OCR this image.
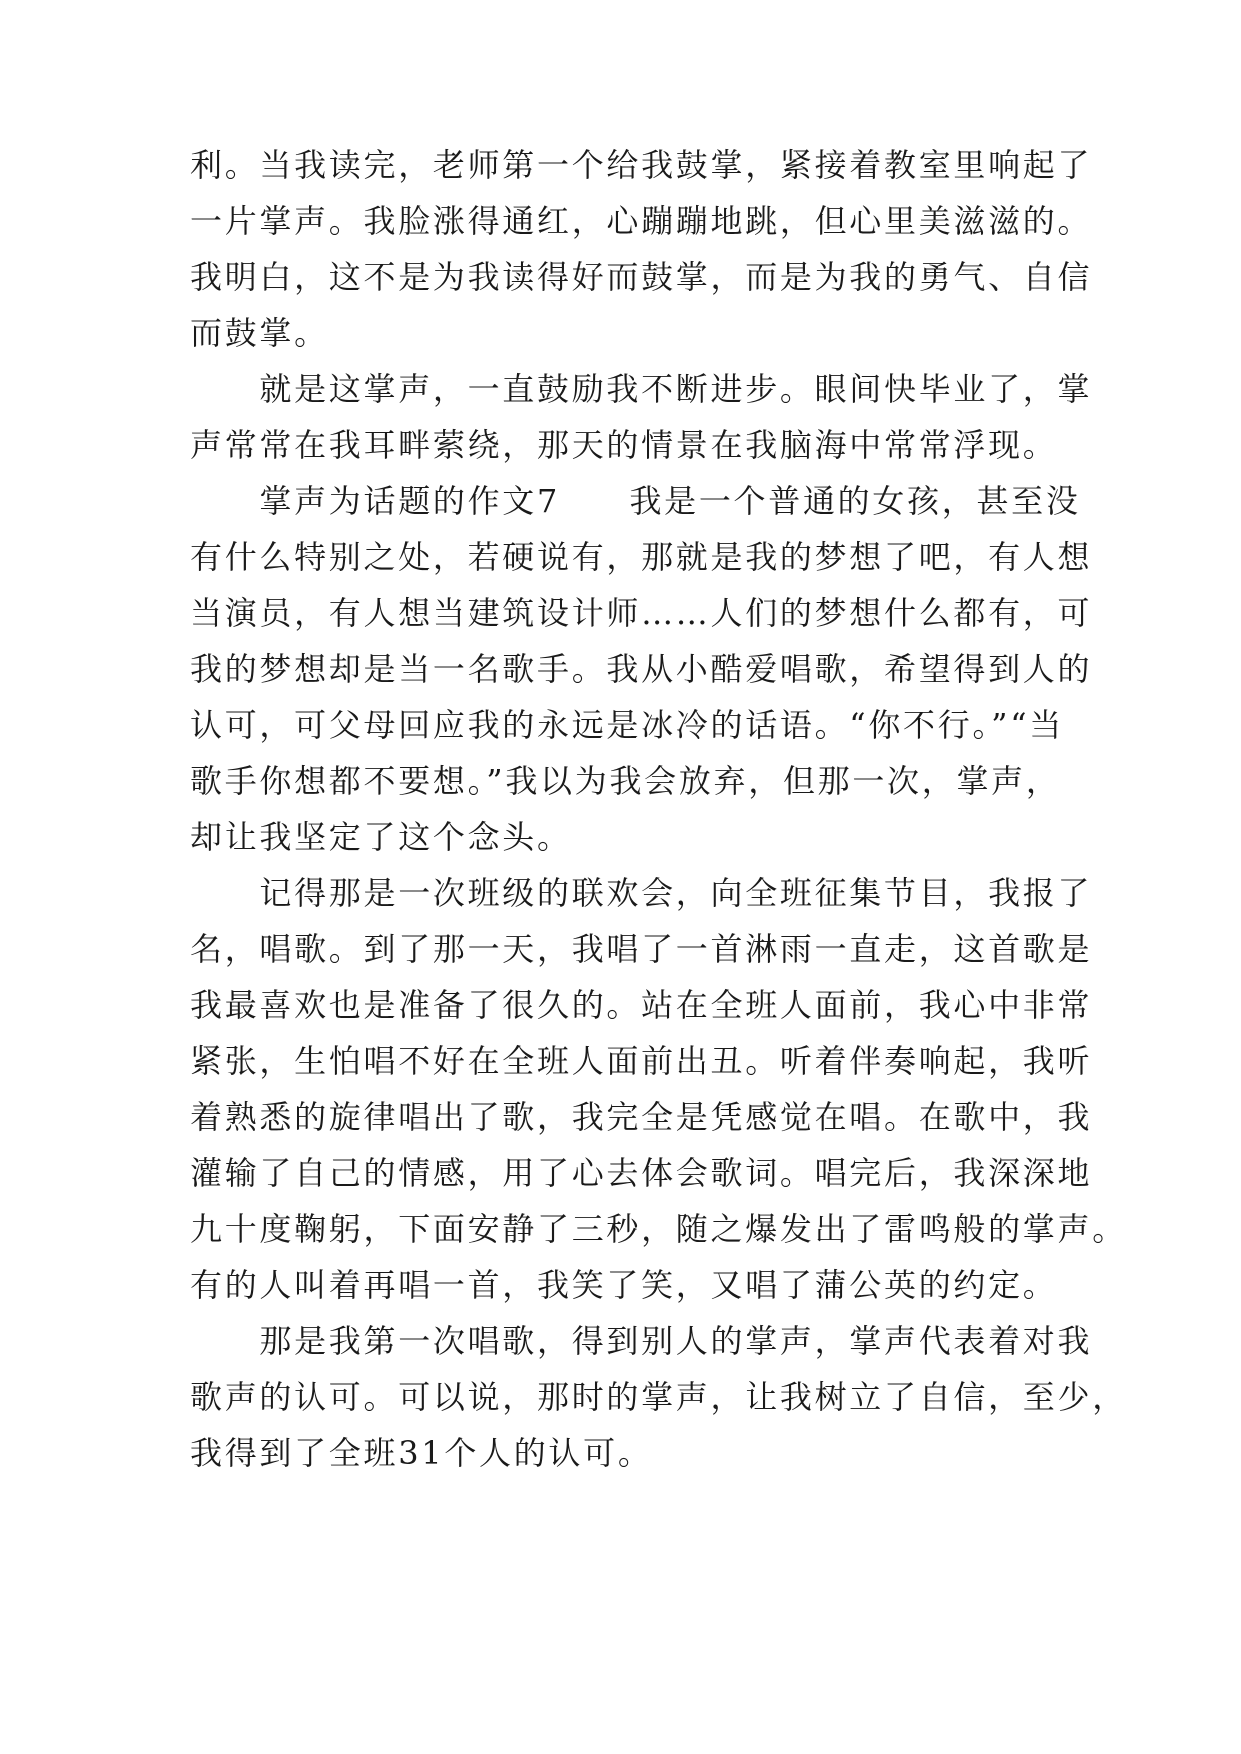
利。当我读完，老师第一个给我鼓掌，紧接着教室里响起了
一片掌声。我脸涨得通红，心蹦蹦地跳，但心里美滋滋的。
我明白，这不是为我读得好而鼓掌，而是为我的勇气、自信
而鼓掌。
　　就是这掌声，一直鼓励我不断进步。眼间快毕业了，掌
声常常在我耳畔萦绕，那天的情景在我脑海中常常浮现。
　　掌声为话题的作文7　　我是一个普通的女孩，甚至没
有什么特别之处，若硬说有，那就是我的梦想了吧，有人想
当演员，有人想当建筑设计师……人们的梦想什么都有，可
我的梦想却是当一名歌手。我从小酷爱唱歌，希望得到人的
认可，可父母回应我的永远是冰冷的话语。“你不行。”“当
歌手你想都不要想。”我以为我会放弃，但那一次，掌声，
却让我坚定了这个念头。
　　记得那是一次班级的联欢会，向全班征集节目，我报了
名，唱歌。到了那一天，我唱了一首淋雨一直走，这首歌是
我最喜欢也是准备了很久的。站在全班人面前，我心中非常
紧张，生怕唱不好在全班人面前出丑。听着伴奏响起，我听
着熟悉的旋律唱出了歌，我完全是凭感觉在唱。在歌中，我
灌输了自己的情感，用了心去体会歌词。唱完后，我深深地
九十度鞠躬，下面安静了三秒，随之爆发出了雷鸣般的掌声。
有的人叫着再唱一首，我笑了笑，又唱了蒲公英的约定。
　　那是我第一次唱歌，得到别人的掌声，掌声代表着对我
歌声的认可。可以说，那时的掌声，让我树立了自信，至少，
我得到了全班31个人的认可。
